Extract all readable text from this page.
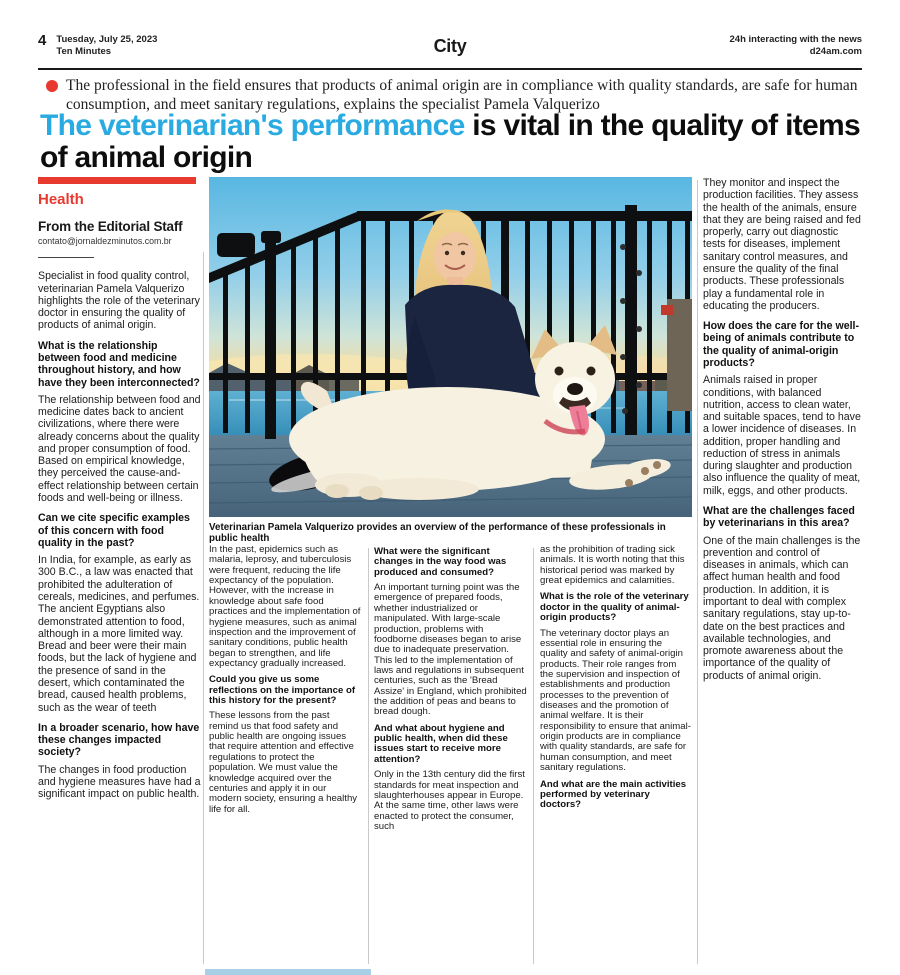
4 Tuesday, July 25, 2023
Ten Minutes	City	24h interacting with the news
d24am.com
The professional in the field ensures that products of animal origin are in compliance with quality standards, are safe for human consumption, and meet sanitary regulations, explains the specialist Pamela Valquerizo
The veterinarian's performance is vital in the quality of items of animal origin
Health
From the Editorial Staff
contato@jornaldezminutos.com.br
Specialist in food quality control, veterinarian Pamela Valquerizo highlights the role of the veterinary doctor in ensuring the quality of products of animal origin.
What is the relationship between food and medicine throughout history, and how have they been interconnected?
The relationship between food and medicine dates back to ancient civilizations, where there were already concerns about the quality and proper consumption of food. Based on empirical knowledge, they perceived the cause-and-effect relationship between certain foods and well-being or illness.
Can we cite specific examples of this concern with food quality in the past?
In India, for example, as early as 300 B.C., a law was enacted that prohibited the adulteration of cereals, medicines, and perfumes. The ancient Egyptians also demonstrated attention to food, although in a more limited way. Bread and beer were their main foods, but the lack of hygiene and the presence of sand in the desert, which contaminated the bread, caused health problems, such as the wear of teeth
In a broader scenario, how have these changes impacted society?
The changes in food production and hygiene measures have had a significant impact on public health.
Veterinarian Pamela Valquerizo provides an overview of the performance of these professionals in public health
In the past, epidemics such as malaria, leprosy, and tuberculosis were frequent, reducing the life expectancy of the population. However, with the increase in knowledge about safe food practices and the implementation of hygiene measures, such as animal inspection and the improvement of sanitary conditions, public health began to strengthen, and life expectancy gradually increased.
Could you give us some reflections on the importance of this history for the present?
These lessons from the past remind us that food safety and public health are ongoing issues that require attention and effective regulations to protect the population. We must value the knowledge acquired over the centuries and apply it in our modern society, ensuring a healthy life for all.
What were the significant changes in the way food was produced and consumed?
An important turning point was the emergence of prepared foods, whether industrialized or manipulated. With large-scale production, problems with foodborne diseases began to arise due to inadequate preservation. This led to the implementation of laws and regulations in subsequent centuries, such as the 'Bread Assize' in England, which prohibited the addition of peas and beans to bread dough.
And what about hygiene and public health, when did these issues start to receive more attention?
Only in the 13th century did the first standards for meat inspection and slaughterhouses appear in Europe. At the same time, other laws were enacted to protect the consumer, such
as the prohibition of trading sick animals. It is worth noting that this historical period was marked by great epidemics and calamities.
What is the role of the veterinary doctor in the quality of animal-origin products?
The veterinary doctor plays an essential role in ensuring the quality and safety of animal-origin products. Their role ranges from the supervision and inspection of establishments and production processes to the prevention of diseases and the promotion of animal welfare. It is their responsibility to ensure that animal-origin products are in compliance with quality standards, are safe for human consumption, and meet sanitary regulations.
And what are the main activities performed by veterinary doctors?
They monitor and inspect the production facilities. They assess the health of the animals, ensure that they are being raised and fed properly, carry out diagnostic tests for diseases, implement sanitary control measures, and ensure the quality of the final products. These professionals play a fundamental role in educating the producers.
How does the care for the well-being of animals contribute to the quality of animal-origin products?
Animals raised in proper conditions, with balanced nutrition, access to clean water, and suitable spaces, tend to have a lower incidence of diseases. In addition, proper handling and reduction of stress in animals during slaughter and production also influence the quality of meat, milk, eggs, and other products.
What are the challenges faced by veterinarians in this area?
One of the main challenges is the prevention and control of diseases in animals, which can affect human health and food production. In addition, it is important to deal with complex sanitary regulations, stay up-to-date on the best practices and available technologies, and promote awareness about the importance of the quality of products of animal origin.
